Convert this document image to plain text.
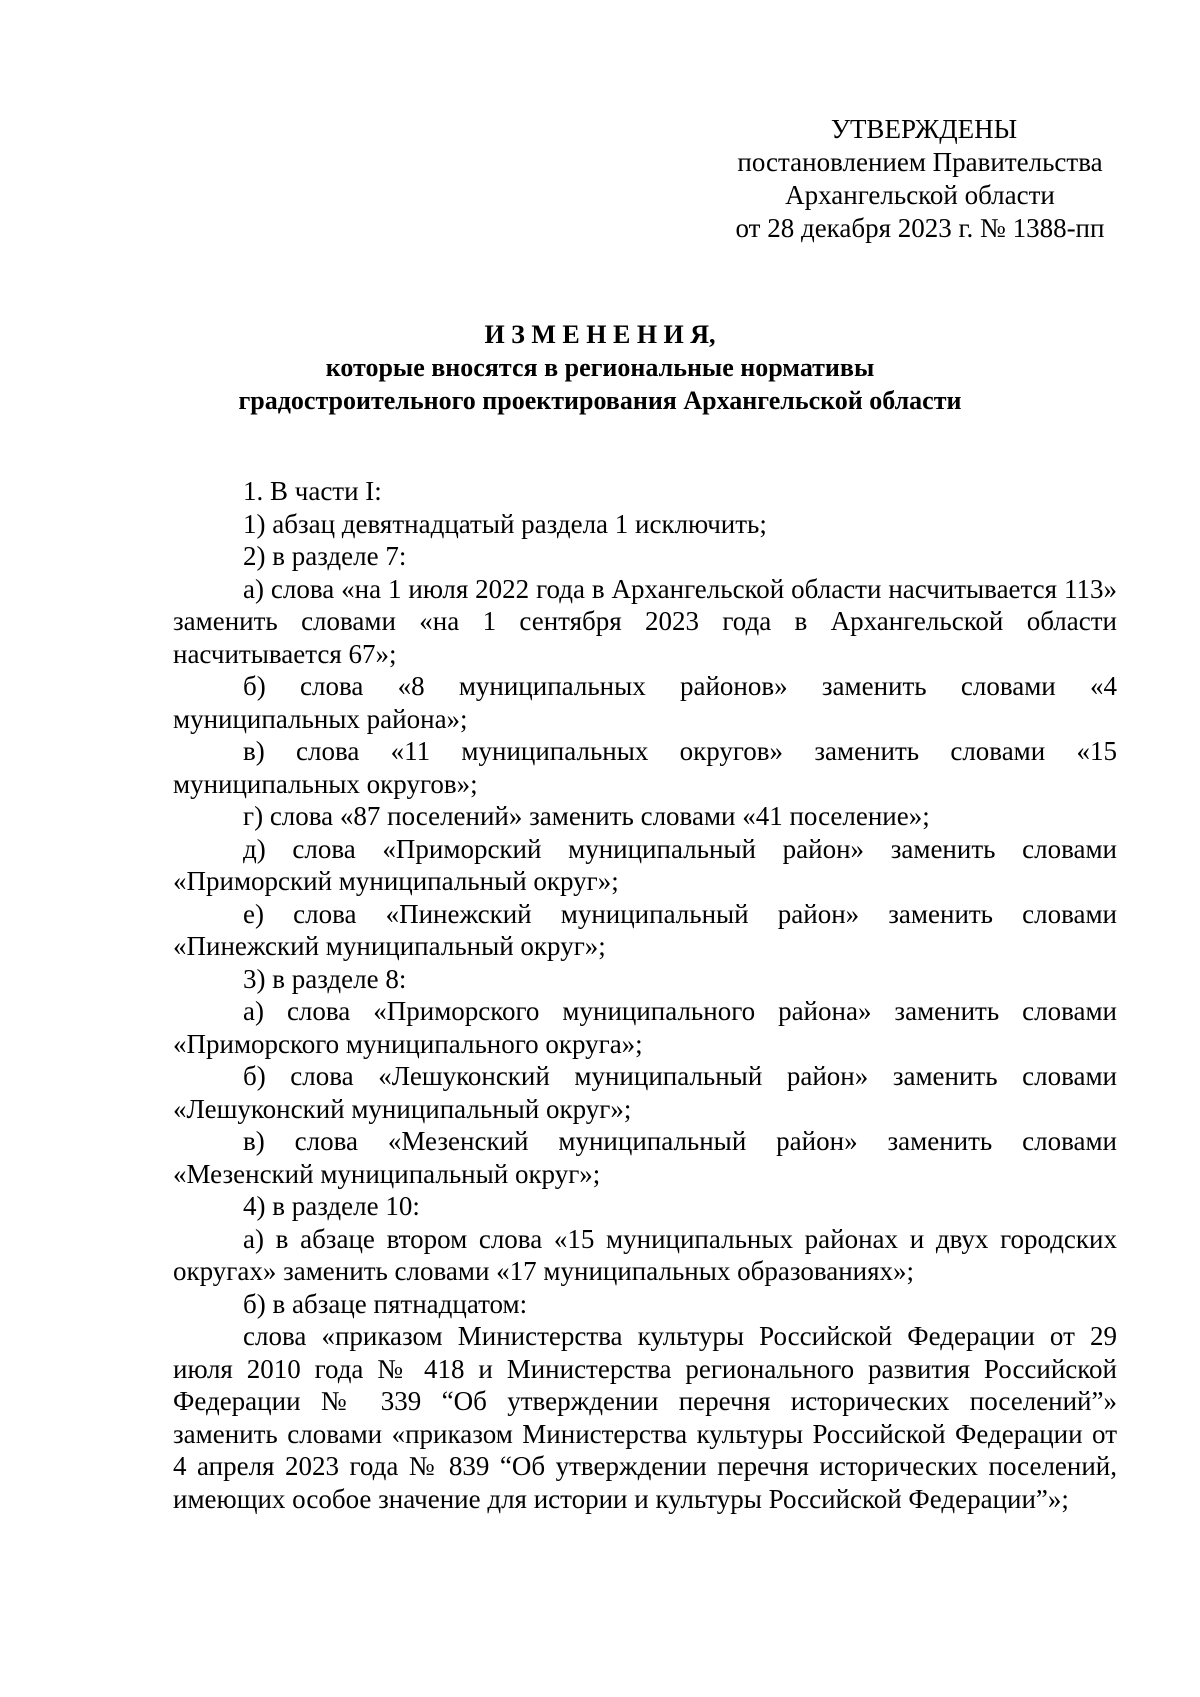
УТВЕРЖДЕНЫ
постановлением Правительства
Архангельской области
от 28 декабря 2023 г. № 1388-пп
И З М Е Н Е Н И Я,
которые вносятся в региональные нормативы
градостроительного проектирования Архангельской области

1. В части I:

1) абзац девятнадцатый раздела 1 исключить;

2) в разделе 7:

а) слова «на 1 июля 2022 года в Архангельской области насчитывается 113» заменить словами «на 1 сентября 2023 года в Архангельской области насчитывается 67»;

б) слова «8 муниципальных районов» заменить словами «4 муниципальных района»;

в) слова «11 муниципальных округов» заменить словами «15 муниципальных округов»;

г) слова «87 поселений» заменить словами «41 поселение»;

д) слова «Приморский муниципальный район» заменить словами «Приморский муниципальный округ»;

е) слова «Пинежский муниципальный район» заменить словами «Пинежский муниципальный округ»;

3) в разделе 8:

а) слова «Приморского муниципального района» заменить словами «Приморского муниципального округа»;

б) слова «Лешуконский муниципальный район» заменить словами «Лешуконский муниципальный округ»;

в) слова «Мезенский муниципальный район» заменить словами «Мезенский муниципальный округ»;

4) в разделе 10:

а) в абзаце втором слова «15 муниципальных районах и двух городских округах» заменить словами «17 муниципальных образованиях»;

б) в абзаце пятнадцатом:

слова «приказом Министерства культуры Российской Федерации от 29 июля 2010 года № 418 и Министерства регионального развития Российской Федерации № 339 “Об утверждении перечня исторических поселений”» заменить словами «приказом Министерства культуры Российской Федерации от 4 апреля 2023 года № 839 “Об утверждении перечня исторических поселений, имеющих особое значение для истории и культуры Российской Федерации”»;
